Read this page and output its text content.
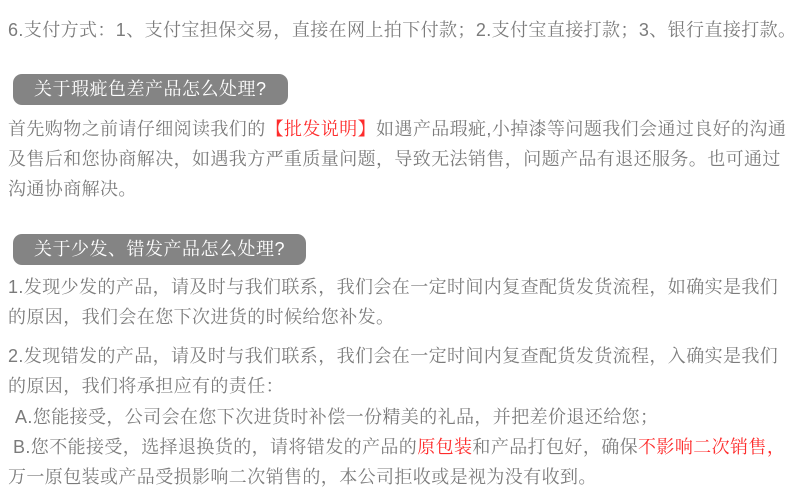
6.支付方式：1、支付宝担保交易，直接在网上拍下付款；2.支付宝直接打款；3、银行直接打款。
关于瑕疵色差产品怎么处理?
首先购物之前请仔细阅读我们的【批发说明】如遇产品瑕疵,小掉漆等问题我们会通过良好的沟通
及售后和您协商解决，如遇我方严重质量问题，导致无法销售，问题产品有退还服务。也可通过
沟通协商解决。
关于少发、错发产品怎么处理?
1.发现少发的产品，请及时与我们联系，我们会在一定时间内复查配货发货流程，如确实是我们
的原因，我们会在您下次进货的时候给您补发。
2.发现错发的产品，请及时与我们联系，我们会在一定时间内复查配货发货流程，入确实是我们
的原因，我们将承担应有的责任：
A.您能接受，公司会在您下次进货时补偿一份精美的礼品，并把差价退还给您；
B.您不能接受，选择退换货的，请将错发的产品的原包装和产品打包好，确保不影响二次销售，
万一原包装或产品受损影响二次销售的，本公司拒收或是视为没有收到。
